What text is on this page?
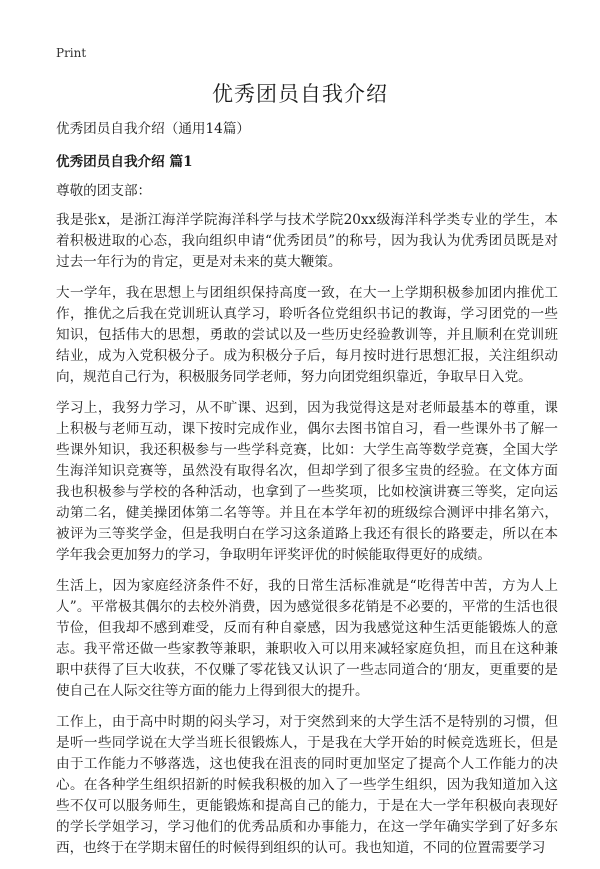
Print
优秀团员自我介绍

优秀团员自我介绍（通用14篇）

优秀团员自我介绍 篇1

尊敬的团支部：

我是张x，是浙江海洋学院海洋科学与技术学院20xx级海洋科学类专业的学生，本着积极进取的心态，我向组织申请“优秀团员”的称号，因为我认为优秀团员既是对过去一年行为的肯定，更是对未来的莫大鞭策。

大一学年，我在思想上与团组织保持高度一致，在大一上学期积极参加团内推优工作，推优之后我在党训班认真学习，聆听各位党组织书记的教诲，学习团党的一些知识，包括伟大的思想，勇敢的尝试以及一些历史经验教训等，并且顺利在党训班结业，成为入党积极分子。成为积极分子后，每月按时进行思想汇报，关注组织动向，规范自己行为，积极服务同学老师，努力向团党组织靠近，争取早日入党。

学习上，我努力学习，从不旷课、迟到，因为我觉得这是对老师最基本的尊重，课上积极与老师互动，课下按时完成作业，偶尔去图书馆自习，看一些课外书了解一些课外知识，我还积极参与一些学科竞赛，比如：大学生高等数学竞赛，全国大学生海洋知识竞赛等，虽然没有取得名次，但却学到了很多宝贵的经验。在文体方面我也积极参与学校的各种活动，也拿到了一些奖项，比如校演讲赛三等奖，定向运动第二名，健美操团体第二名等等。并且在本学年初的班级综合测评中排名第六，被评为三等奖学金，但是我明白在学习这条道路上我还有很长的路要走，所以在本学年我会更加努力的学习，争取明年评奖评优的时候能取得更好的成绩。

生活上，因为家庭经济条件不好，我的日常生活标准就是“吃得苦中苦，方为人上人”。平常极其偶尔的去校外消费，因为感觉很多花销是不必要的，平常的生活也很节俭，但我却不感到难受，反而有种自豪感，因为我感觉这种生活更能锻炼人的意志。我平常还做一些家教等兼职，兼职收入可以用来减轻家庭负担，而且在这种兼职中获得了巨大收获，不仅赚了零花钱又认识了一些志同道合的‘朋友，更重要的是使自己在人际交往等方面的能力上得到很大的提升。

工作上，由于高中时期的闷头学习，对于突然到来的大学生活不是特别的习惯，但是听一些同学说在大学当班长很锻炼人，于是我在大学开始的时候竞选班长，但是由于工作能力不够落选，这也使我在沮丧的同时更加坚定了提高个人工作能力的决心。在各种学生组织招新的时候我积极的加入了一些学生组织，因为我知道加入这些不仅可以服务师生，更能锻炼和提高自己的能力，于是在大一学年积极向表现好的学长学姐学习，学习他们的优秀品质和办事能力，在这一学年确实学到了好多东西，也终于在学期末留任的时候得到组织的认可。我也知道，不同的位置需要学习
